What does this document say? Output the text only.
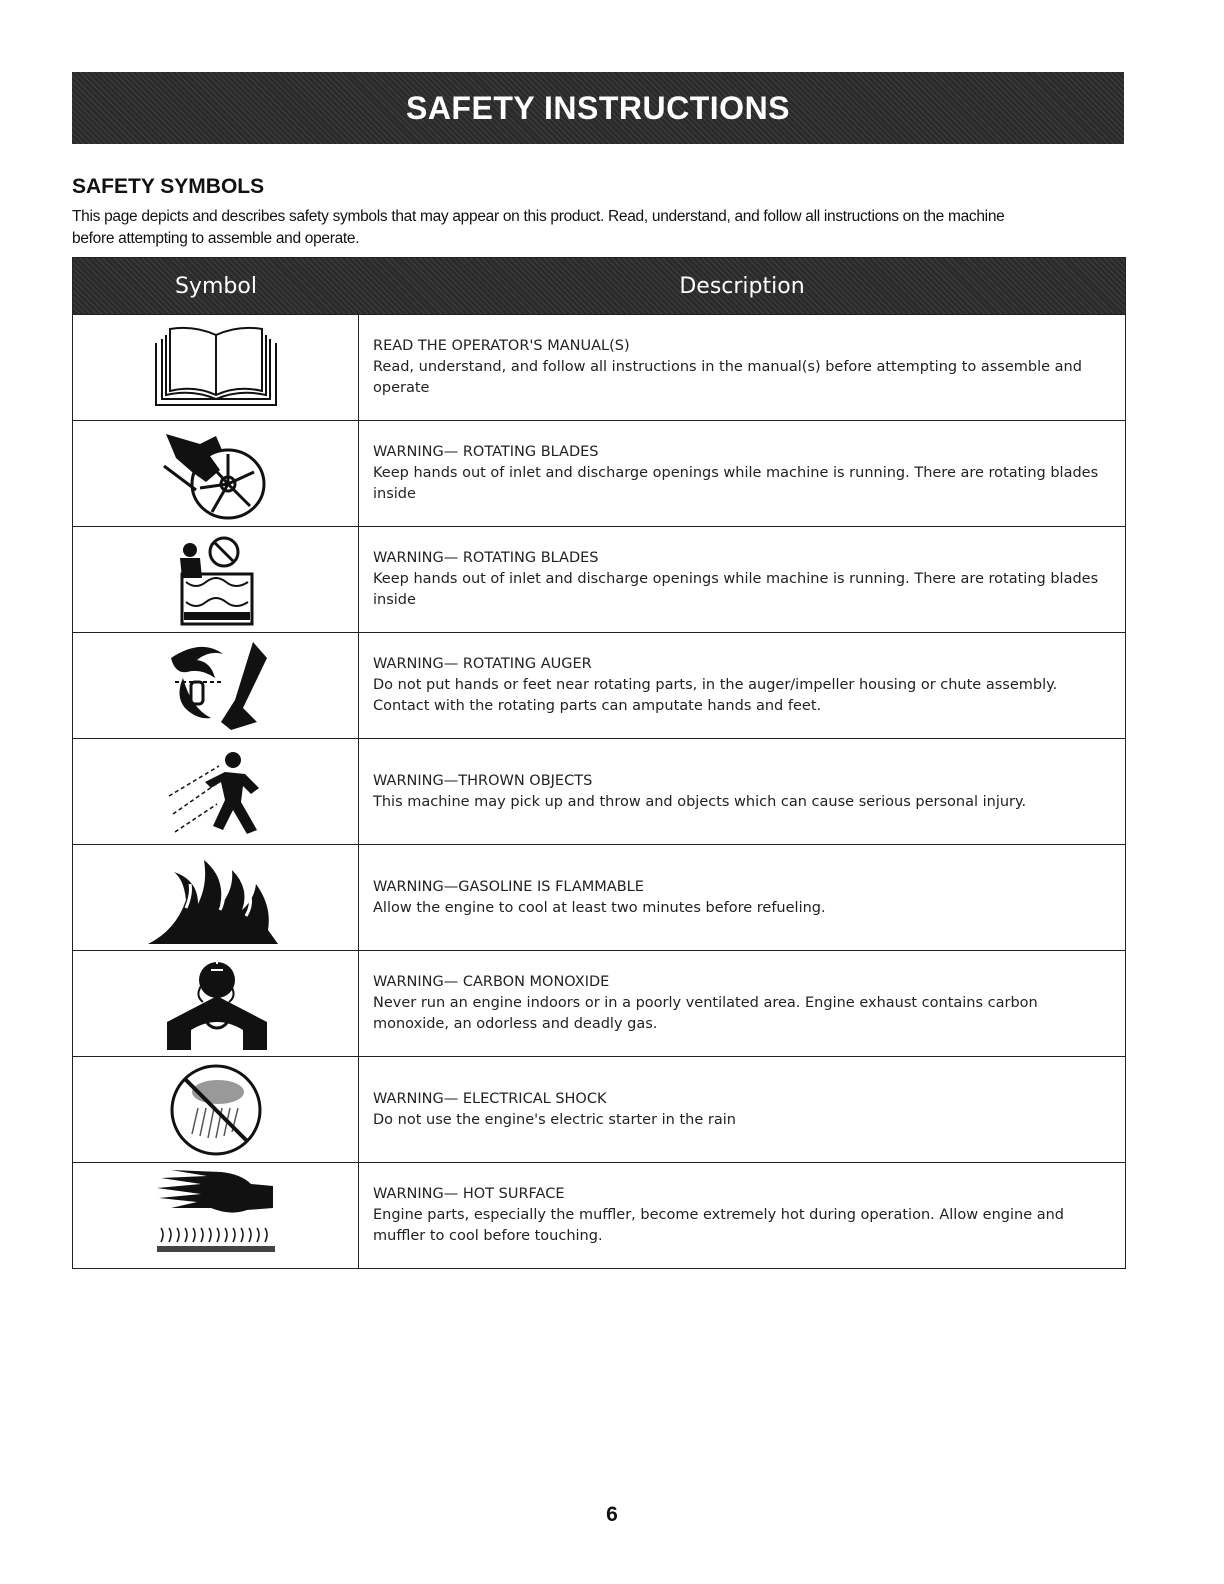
SAFETY INSTRUCTIONS
SAFETY SYMBOLS

This page depicts and describes safety symbols that may appear on this product. Read, understand, and follow all instructions on the machine
before attempting to assemble and operate.

Symbol	Description
READ THE OPERATOR'S MANUAL(S)
Read, understand, and follow all instructions in the manual(s) before attempting to assemble and operate
WARNING— ROTATING BLADES
Keep hands out of inlet and discharge openings while machine is running. There are rotating blades inside
WARNING— ROTATING BLADES
Keep hands out of inlet and discharge openings while machine is running. There are rotating blades inside
WARNING— ROTATING AUGER
Do not put hands or feet near rotating parts, in the auger/impeller housing or chute assembly. Contact with the rotating parts can amputate hands and feet.
WARNING—THROWN OBJECTS
This machine may pick up and throw and objects which can cause serious personal injury.
WARNING—GASOLINE IS FLAMMABLE
Allow the engine to cool at least two minutes before refueling.
WARNING— CARBON MONOXIDE
Never run an engine indoors or in a poorly ventilated area. Engine exhaust contains carbon monoxide, an odorless and deadly gas.
WARNING— ELECTRICAL SHOCK
Do not use the engine's electric starter in the rain
WARNING— HOT SURFACE
Engine parts, especially the muffler, become extremely hot during operation. Allow engine and muffler to cool before touching.
6
